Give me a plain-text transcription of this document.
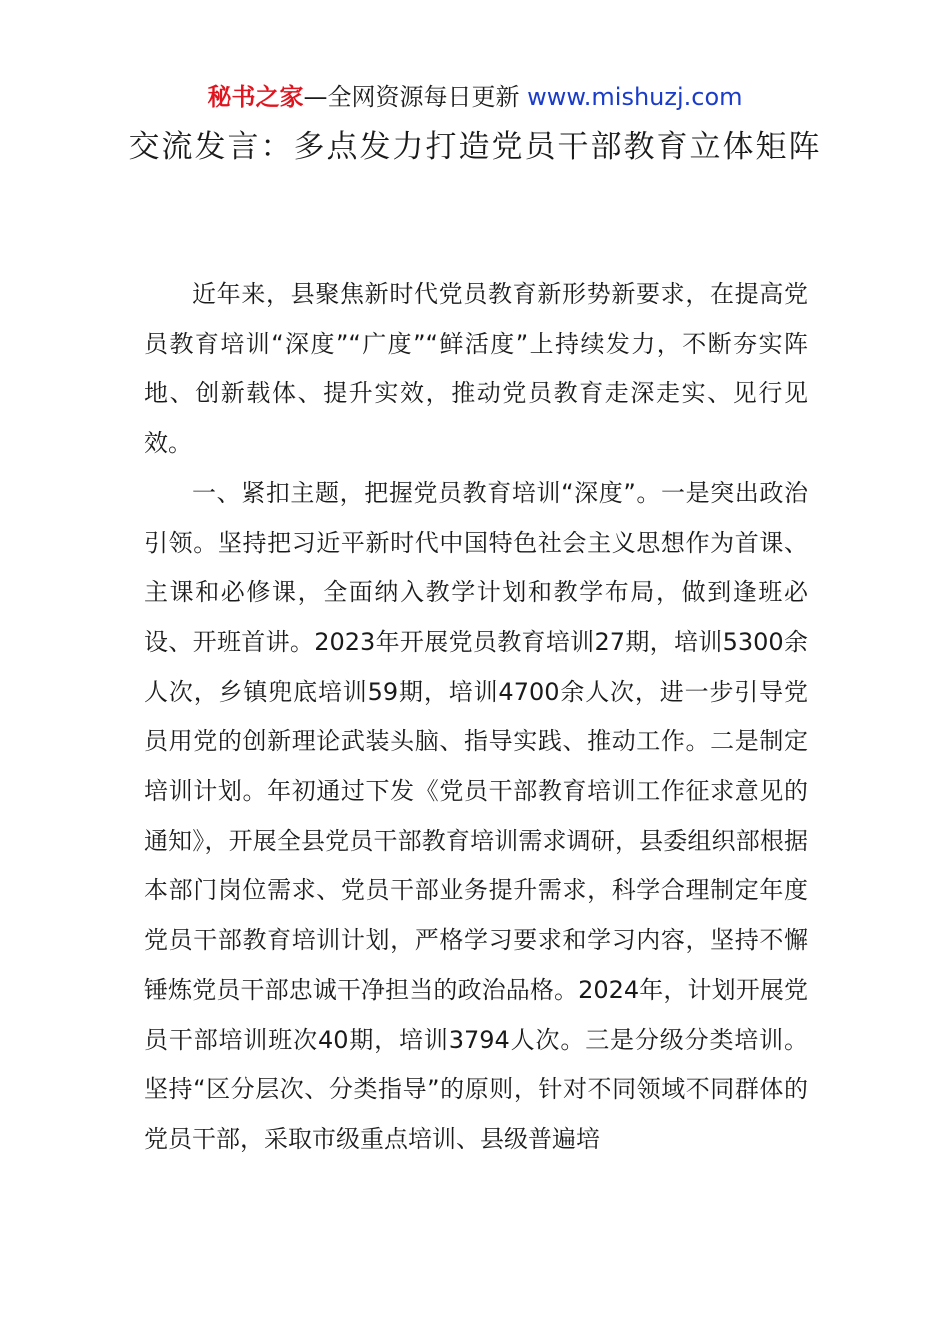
秘书之家—全网资源每日更新 www.mishuzj.com
交流发言：多点发力打造党员干部教育立体矩阵

近年来，县聚焦新时代党员教育新形势新要求，在提高党员教育培训“深度”“广度”“鲜活度”上持续发力，不断夯实阵地、创新载体、提升实效，推动党员教育走深走实、见行见效。

一、紧扣主题，把握党员教育培训“深度”。一是突出政治引领。坚持把习近平新时代中国特色社会主义思想作为首课、主课和必修课，全面纳入教学计划和教学布局，做到逢班必设、开班首讲。2023年开展党员教育培训27期，培训5300余人次，乡镇兜底培训59期，培训4700余人次，进一步引导党员用党的创新理论武装头脑、指导实践、推动工作。二是制定培训计划。年初通过下发《党员干部教育培训工作征求意见的通知》，开展全县党员干部教育培训需求调研，县委组织部根据本部门岗位需求、党员干部业务提升需求，科学合理制定年度党员干部教育培训计划，严格学习要求和学习内容，坚持不懈锤炼党员干部忠诚干净担当的政治品格。2024年，计划开展党员干部培训班次40期，培训3794人次。三是分级分类培训。坚持“区分层次、分类指导”的原则，针对不同领域不同群体的党员干部，采取市级重点培训、县级普遍培
